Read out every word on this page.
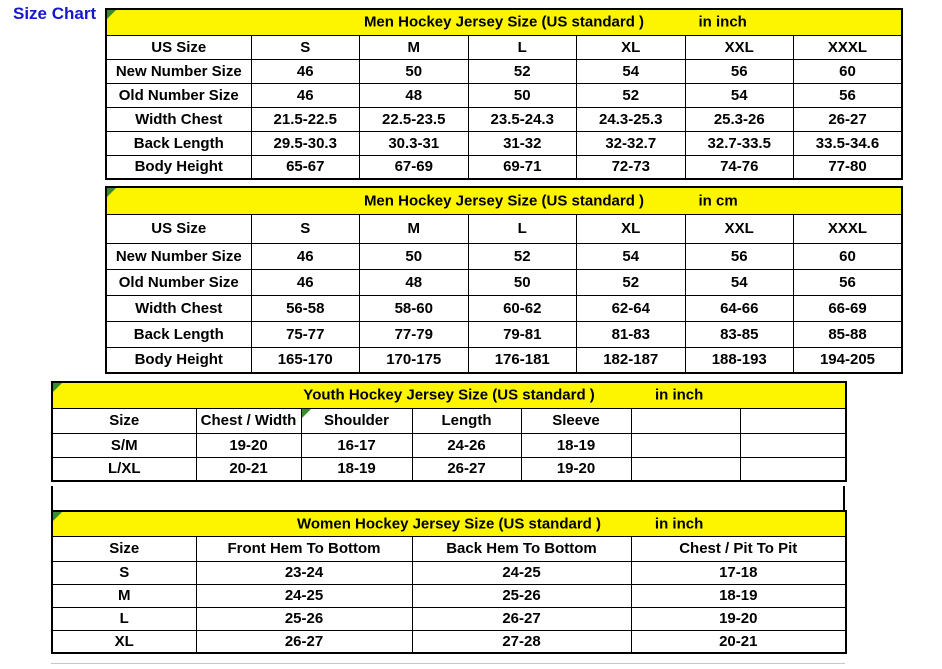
Size Chart	Men Hockey Jersey Size (US standard ) in inch						

US Size	S	M	L	XL	XXL	XXXL
New Number Size	46	50	52	54	56	60
Old Number Size	46	48	50	52	54	56
Width Chest	21.5-22.5	22.5-23.5	23.5-24.3	24.3-25.3	25.3-26	26-27
Back Length	29.5-30.3	30.3-31	31-32	32-32.7	32.7-33.5	33.5-34.6
Body Height	65-67	67-69	69-71	72-73	74-76	77-80
Men Hockey Jersey Size (US standard ) in cm						

US Size	S	M	L	XL	XXL	XXXL
New Number Size	46	50	52	54	56	60
Old Number Size	46	48	50	52	54	56
Width Chest	56-58	58-60	60-62	62-64	64-66	66-69
Back Length	75-77	77-79	79-81	81-83	83-85	85-88
Body Height	165-170	170-175	176-181	182-187	188-193	194-205
Youth Hockey Jersey Size (US standard ) in inch						

Size	Chest / Width	Shoulder	Length	Sleeve		
S/M	19-20	16-17	24-26	18-19		
L/XL	20-21	18-19	26-27	19-20		
Women Hockey Jersey Size (US standard ) in inch			

Size	Front Hem To Bottom	Back Hem To Bottom	Chest / Pit To Pit
S	23-24	24-25	17-18
M	24-25	25-26	18-19
L	25-26	26-27	19-20
XL	26-27	27-28	20-21
